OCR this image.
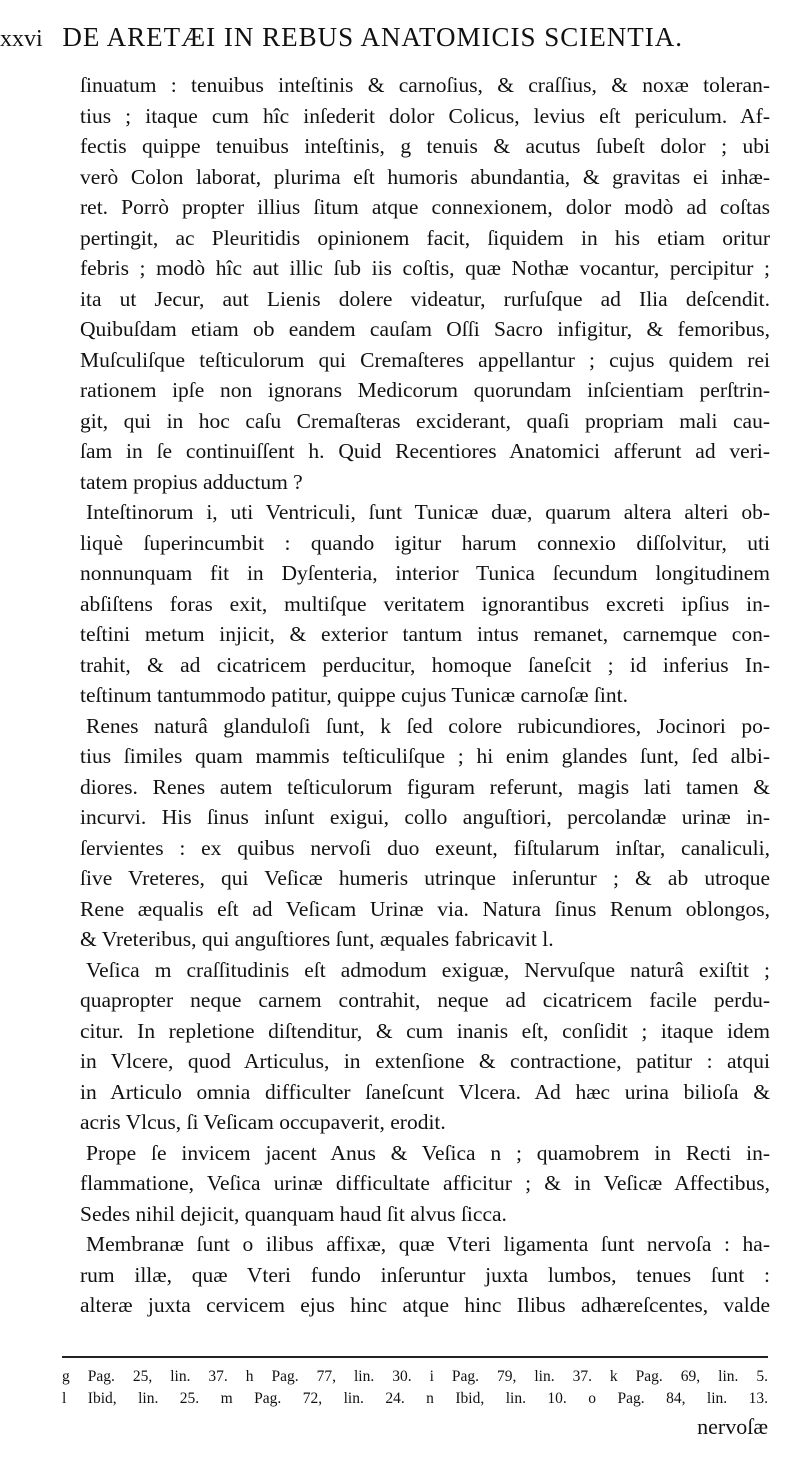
xxvi DE ARETÆI IN REBUS ANATOMICIS SCIENTIA.
ſinuatum : tenuibus inteſtinis & carnoſius, & craſſius, & noxæ toleran-
tius ; itaque cum hîc inſederit dolor Colicus, levius eſt periculum. Af-
fectis quippe tenuibus inteſtinis, g tenuis & acutus ſubeſt dolor ; ubi
verò Colon laborat, plurima eſt humoris abundantia, & gravitas ei inhæ-
ret. Porrò propter illius ſitum atque connexionem, dolor modò ad coſtas
pertingit, ac Pleuritidis opinionem facit, ſiquidem in his etiam oritur
febris ; modò hîc aut illic ſub iis coſtis, quæ Nothæ vocantur, percipitur ;
ita ut Jecur, aut Lienis dolere videatur, rurſuſque ad Ilia deſcendit.
Quibuſdam etiam ob eandem cauſam Oſſi Sacro infigitur, & femoribus,
Muſculiſque teſticulorum qui Cremaſteres appellantur ; cujus quidem rei
rationem ipſe non ignorans Medicorum quorundam inſcientiam perſtrin-
git, qui in hoc caſu Cremaſteras exciderant, quaſi propriam mali cau-
ſam in ſe continuiſſent h. Quid Recentiores Anatomici afferunt ad veri-
tatem propius adductum ?
Inteſtinorum i, uti Ventriculi, ſunt Tunicæ duæ, quarum altera alteri ob-
liquè ſuperincumbit : quando igitur harum connexio diſſolvitur, uti
nonnunquam fit in Dyſenteria, interior Tunica ſecundum longitudinem
abſiſtens foras exit, multiſque veritatem ignorantibus excreti ipſius in-
teſtini metum injicit, & exterior tantum intus remanet, carnemque con-
trahit, & ad cicatricem perducitur, homoque ſaneſcit ; id inferius In-
teſtinum tantummodo patitur, quippe cujus Tunicæ carnoſæ ſint.
Renes naturâ glanduloſi ſunt, k ſed colore rubicundiores, Jocinori po-
tius ſimiles quam mammis teſticuliſque ; hi enim glandes ſunt, ſed albi-
diores. Renes autem teſticulorum figuram referunt, magis lati tamen &
incurvi. His ſinus inſunt exigui, collo anguſtiori, percolandæ urinæ in-
ſervientes : ex quibus nervoſi duo exeunt, fiſtularum inſtar, canaliculi,
ſive Vreteres, qui Veſicæ humeris utrinque inſeruntur ; & ab utroque
Rene æqualis eſt ad Veſicam Urinæ via. Natura ſinus Renum oblongos,
& Vreteribus, qui anguſtiores ſunt, æquales fabricavit l.
Veſica m craſſitudinis eſt admodum exiguæ, Nervuſque naturâ exiſtit ;
quapropter neque carnem contrahit, neque ad cicatricem facile perdu-
citur. In repletione diſtenditur, & cum inanis eſt, conſidit ; itaque idem
in Vlcere, quod Articulus, in extenſione & contractione, patitur : atqui
in Articulo omnia difficulter ſaneſcunt Vlcera. Ad hæc urina bilioſa &
acris Vlcus, ſi Veſicam occupaverit, erodit.
Prope ſe invicem jacent Anus & Veſica n ; quamobrem in Recti in-
flammatione, Veſica urinæ difficultate afficitur ; & in Veſicæ Affectibus,
Sedes nihil dejicit, quanquam haud ſit alvus ſicca.
Membranæ ſunt o ilibus affixæ, quæ Vteri ligamenta ſunt nervoſa : ha-
rum illæ, quæ Vteri fundo inſeruntur juxta lumbos, tenues ſunt :
alteræ juxta cervicem ejus hinc atque hinc Ilibus adhæreſcentes, valde
g Pag. 25, lin. 37. h Pag. 77, lin. 30. i Pag. 79, lin. 37. k Pag. 69, lin. 5.
l Ibid, lin. 25. m Pag. 72, lin. 24. n Ibid, lin. 10. o Pag. 84, lin. 13.
nervoſæ
